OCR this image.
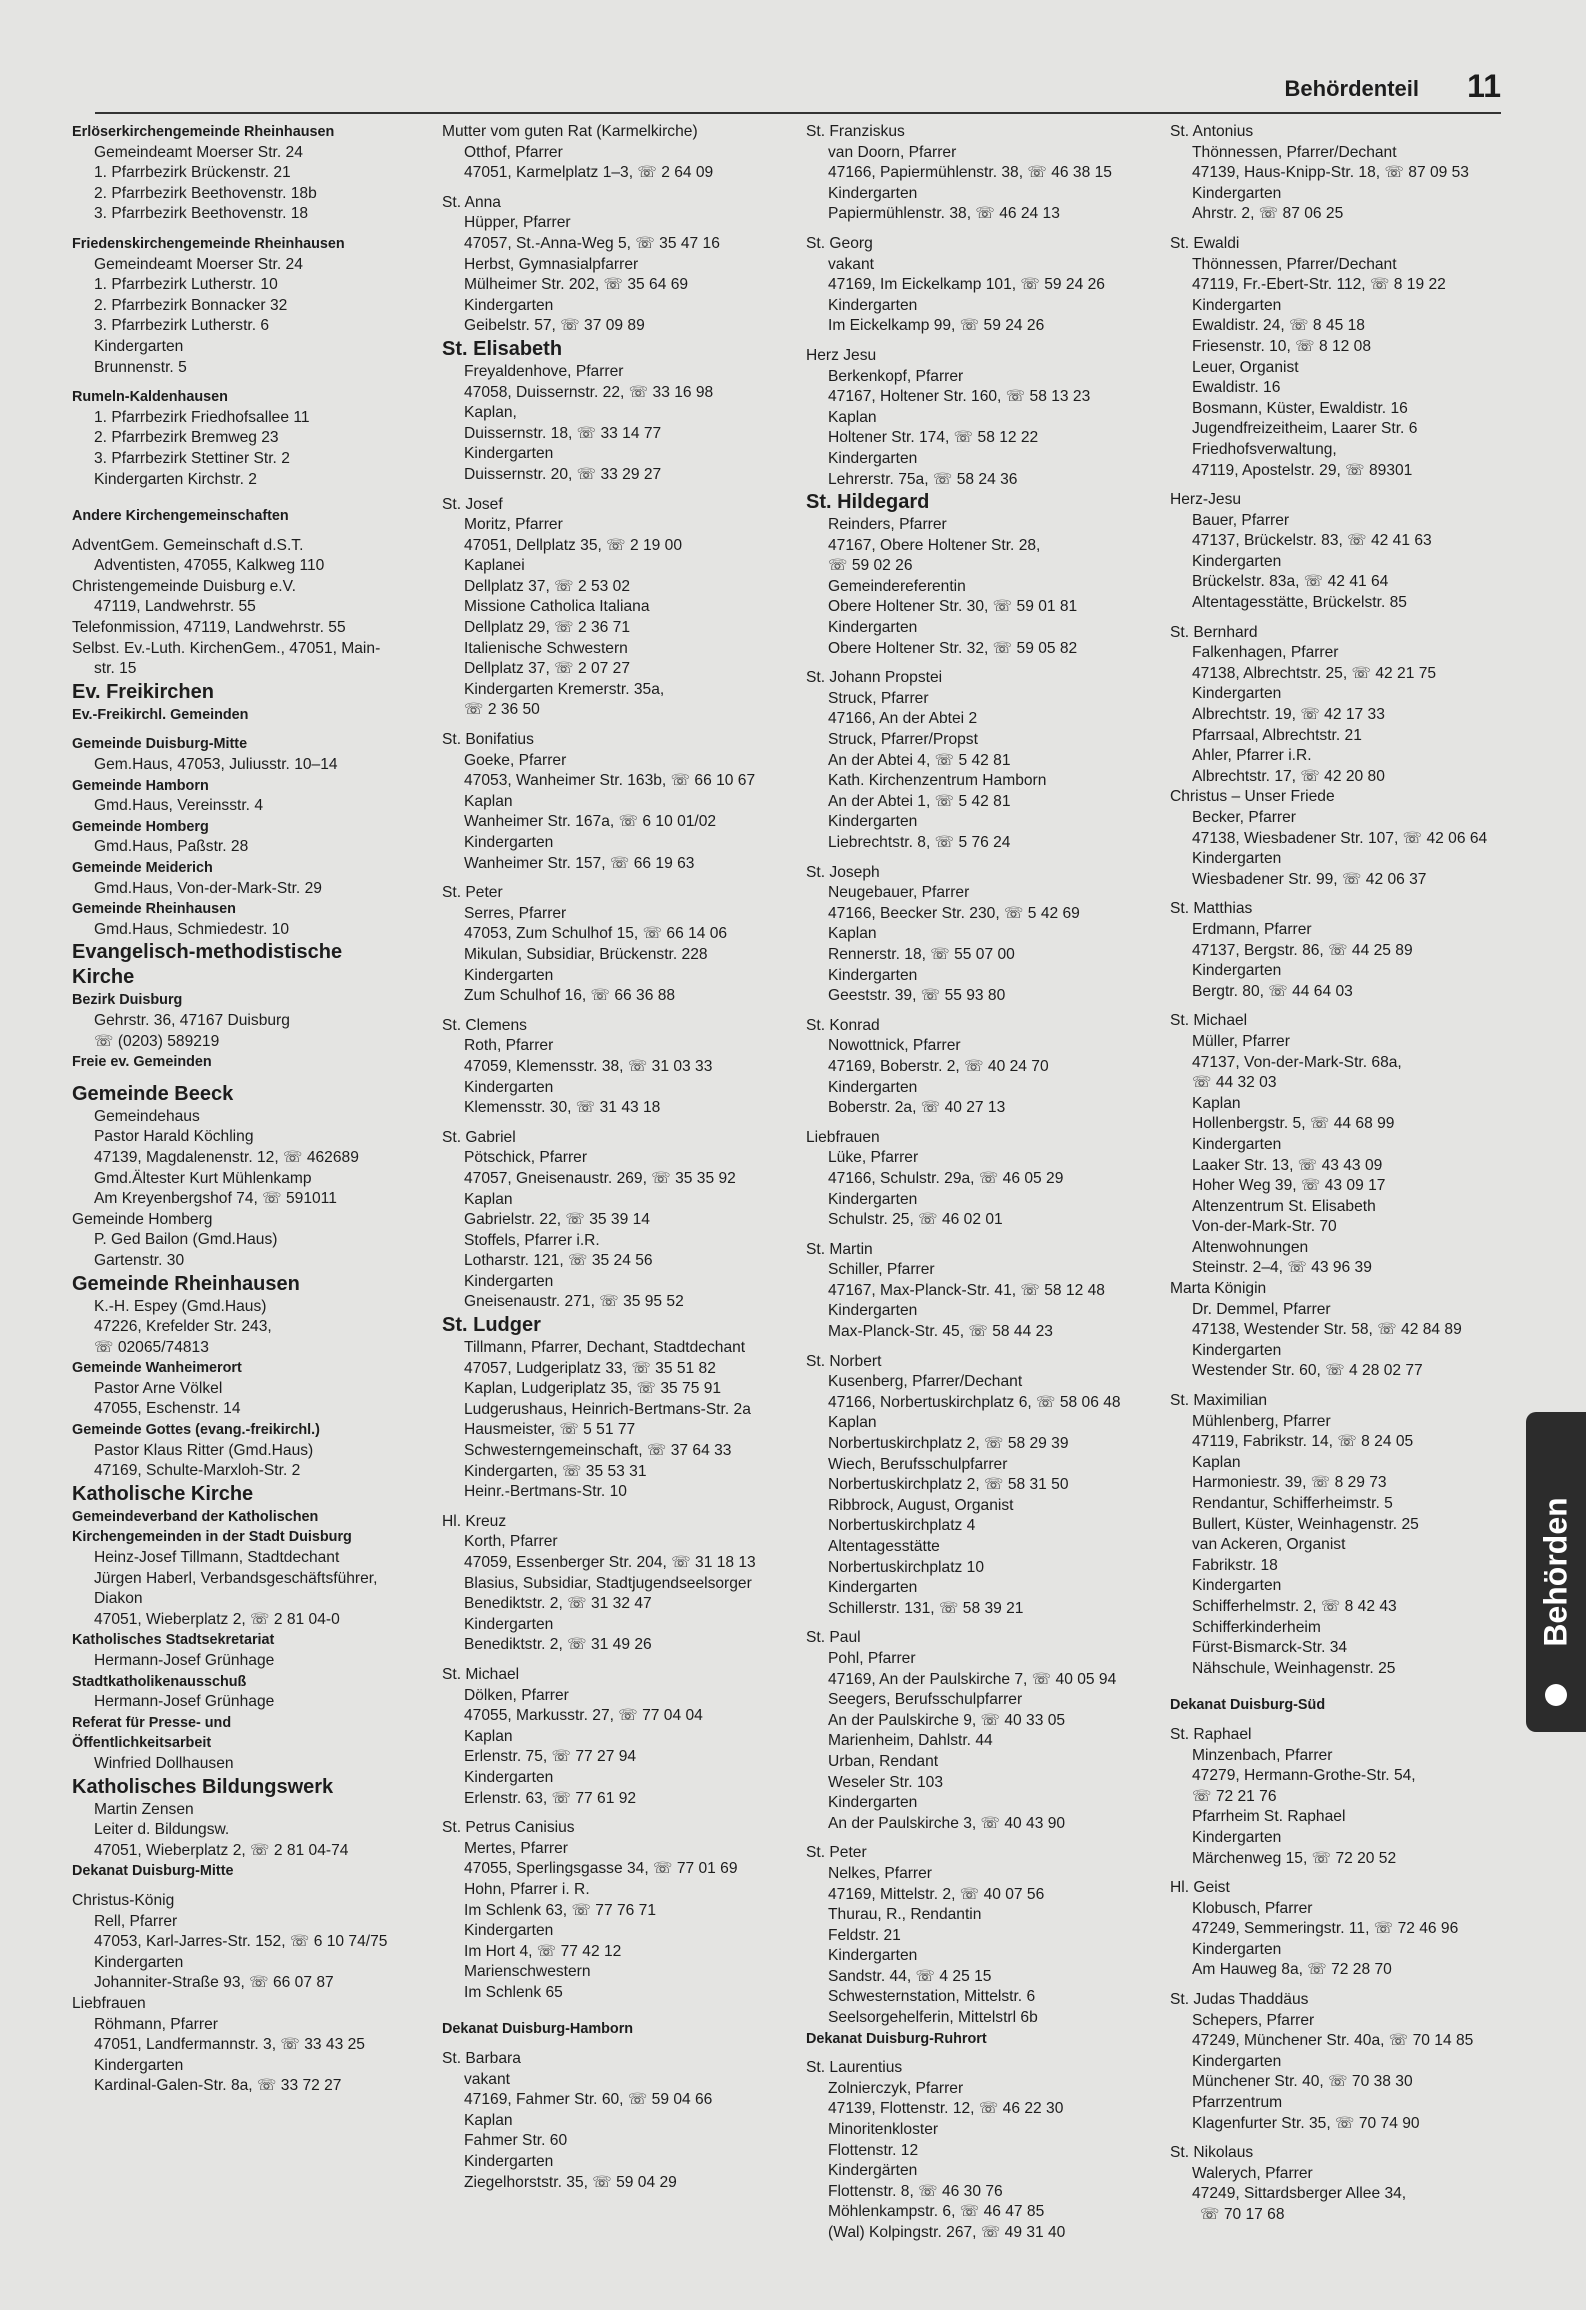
Behördenteil 11
Erlöserkirchengemeinde Rheinhausen
Gemeindeamt Moerser Str. 24
1. Pfarrbezirk Brückenstr. 21
2. Pfarrbezirk Beethovenstr. 18b
3. Pfarrbezirk Beethovenstr. 18
Friedenskirchengemeinde Rheinhausen
Gemeindeamt Moerser Str. 24
1. Pfarrbezirk Lutherstr. 10
2. Pfarrbezirk Bonnacker 32
3. Pfarrbezirk Lutherstr. 6
Kindergarten
Brunnenstr. 5
Rumeln-Kaldenhausen
1. Pfarrbezirk Friedhofsallee 11
2. Pfarrbezirk Bremweg 23
3. Pfarrbezirk Stettiner Str. 2
Kindergarten Kirchstr. 2
Andere Kirchengemeinschaften
AdventGem. Gemeinschaft d.S.T.
Adventisten, 47055, Kalkweg 110
Christengemeinde Duisburg e.V.
47119, Landwehrstr. 55
Telefonmission, 47119, Landwehrstr. 55
Selbst. Ev.-Luth. KirchenGem., 47051, Main-
str. 15
Ev. Freikirchen
Ev.-Freikirchl. Gemeinden
Gemeinde Duisburg-Mitte
Gem.Haus, 47053, Juliusstr. 10–14
Gemeinde Hamborn
Gmd.Haus, Vereinsstr. 4
Gemeinde Homberg
Gmd.Haus, Paßstr. 28
Gemeinde Meiderich
Gmd.Haus, Von-der-Mark-Str. 29
Gemeinde Rheinhausen
Gmd.Haus, Schmiedestr. 10
Evangelisch-methodistische
Kirche
Bezirk Duisburg
Gehrstr. 36, 47167 Duisburg
☏ (0203) 589219
Freie ev. Gemeinden
Gemeinde Beeck
Gemeindehaus
Pastor Harald Köchling
47139, Magdalenenstr. 12, ☏ 462689
Gmd.Ältester Kurt Mühlenkamp
Am Kreyenbergshof 74, ☏ 591011
Gemeinde Homberg
P. Ged Bailon (Gmd.Haus)
Gartenstr. 30
Gemeinde Rheinhausen
K.-H. Espey (Gmd.Haus)
47226, Krefelder Str. 243,
☏ 02065/74813
Gemeinde Wanheimerort
Pastor Arne Völkel
47055, Eschenstr. 14
Gemeinde Gottes (evang.-freikirchl.)
Pastor Klaus Ritter (Gmd.Haus)
47169, Schulte-Marxloh-Str. 2
Katholische Kirche
Gemeindeverband der Katholischen
Kirchengemeinden in der Stadt Duisburg
Heinz-Josef Tillmann, Stadtdechant
Jürgen Haberl, Verbandsgeschäftsführer,
Diakon
47051, Wieberplatz 2, ☏ 2 81 04-0
Katholisches Stadtsekretariat
Hermann-Josef Grünhage
Stadtkatholikenausschuß
Hermann-Josef Grünhage
Referat für Presse- und
Öffentlichkeitsarbeit
Winfried Dollhausen
Katholisches Bildungswerk
Martin Zensen
Leiter d. Bildungsw.
47051, Wieberplatz 2, ☏ 2 81 04-74
Dekanat Duisburg-Mitte
Christus-König
Rell, Pfarrer
47053, Karl-Jarres-Str. 152, ☏ 6 10 74/75
Kindergarten
Johanniter-Straße 93, ☏ 66 07 87
Liebfrauen
Röhmann, Pfarrer
47051, Landfermannstr. 3, ☏ 33 43 25
Kindergarten
Kardinal-Galen-Str. 8a, ☏ 33 72 27
Mutter vom guten Rat (Karmelkirche)
Otthof, Pfarrer
47051, Karmelplatz 1–3, ☏ 2 64 09
St. Anna
Hüpper, Pfarrer
47057, St.-Anna-Weg 5, ☏ 35 47 16
Herbst, Gymnasialpfarrer
Mülheimer Str. 202, ☏ 35 64 69
Kindergarten
Geibelstr. 57, ☏ 37 09 89
St. Elisabeth
Freyaldenhove, Pfarrer
47058, Duissernstr. 22, ☏ 33 16 98
Kaplan,
Duissernstr. 18, ☏ 33 14 77
Kindergarten
Duissernstr. 20, ☏ 33 29 27
St. Josef
Moritz, Pfarrer
47051, Dellplatz 35, ☏ 2 19 00
Kaplanei
Dellplatz 37, ☏ 2 53 02
Missione Catholica Italiana
Dellplatz 29, ☏ 2 36 71
Italienische Schwestern
Dellplatz 37, ☏ 2 07 27
Kindergarten Kremerstr. 35a,
☏ 2 36 50
St. Bonifatius
Goeke, Pfarrer
47053, Wanheimer Str. 163b, ☏ 66 10 67
Kaplan
Wanheimer Str. 167a, ☏ 6 10 01/02
Kindergarten
Wanheimer Str. 157, ☏ 66 19 63
St. Peter
Serres, Pfarrer
47053, Zum Schulhof 15, ☏ 66 14 06
Mikulan, Subsidiar, Brückenstr. 228
Kindergarten
Zum Schulhof 16, ☏ 66 36 88
St. Clemens
Roth, Pfarrer
47059, Klemensstr. 38, ☏ 31 03 33
Kindergarten
Klemensstr. 30, ☏ 31 43 18
St. Gabriel
Pötschick, Pfarrer
47057, Gneisenaustr. 269, ☏ 35 35 92
Kaplan
Gabrielstr. 22, ☏ 35 39 14
Stoffels, Pfarrer i.R.
Lotharstr. 121, ☏ 35 24 56
Kindergarten
Gneisenaustr. 271, ☏ 35 95 52
St. Ludger
Tillmann, Pfarrer, Dechant, Stadtdechant
47057, Ludgeriplatz 33, ☏ 35 51 82
Kaplan, Ludgeriplatz 35, ☏ 35 75 91
Ludgerushaus, Heinrich-Bertmans-Str. 2a
Hausmeister, ☏ 5 51 77
Schwesterngemeinschaft, ☏ 37 64 33
Kindergarten, ☏ 35 53 31
Heinr.-Bertmans-Str. 10
Hl. Kreuz
Korth, Pfarrer
47059, Essenberger Str. 204, ☏ 31 18 13
Blasius, Subsidiar, Stadtjugendseelsorger
Benediktstr. 2, ☏ 31 32 47
Kindergarten
Benediktstr. 2, ☏ 31 49 26
St. Michael
Dölken, Pfarrer
47055, Markusstr. 27, ☏ 77 04 04
Kaplan
Erlenstr. 75, ☏ 77 27 94
Kindergarten
Erlenstr. 63, ☏ 77 61 92
St. Petrus Canisius
Mertes, Pfarrer
47055, Sperlingsgasse 34, ☏ 77 01 69
Hohn, Pfarrer i. R.
Im Schlenk 63, ☏ 77 76 71
Kindergarten
Im Hort 4, ☏ 77 42 12
Marienschwestern
Im Schlenk 65
Dekanat Duisburg-Hamborn
St. Barbara
vakant
47169, Fahmer Str. 60, ☏ 59 04 66
Kaplan
Fahmer Str. 60
Kindergarten
Ziegelhorststr. 35, ☏ 59 04 29
St. Franziskus
van Doorn, Pfarrer
47166, Papiermühlenstr. 38, ☏ 46 38 15
Kindergarten
Papiermühlenstr. 38, ☏ 46 24 13
St. Georg
vakant
47169, Im Eickelkamp 101, ☏ 59 24 26
Kindergarten
Im Eickelkamp 99, ☏ 59 24 26
Herz Jesu
Berkenkopf, Pfarrer
47167, Holtener Str. 160, ☏ 58 13 23
Kaplan
Holtener Str. 174, ☏ 58 12 22
Kindergarten
Lehrerstr. 75a, ☏ 58 24 36
St. Hildegard
Reinders, Pfarrer
47167, Obere Holtener Str. 28,
☏ 59 02 26
Gemeindereferentin
Obere Holtener Str. 30, ☏ 59 01 81
Kindergarten
Obere Holtener Str. 32, ☏ 59 05 82
St. Johann Propstei
Struck, Pfarrer
47166, An der Abtei 2
Struck, Pfarrer/Propst
An der Abtei 4, ☏ 5 42 81
Kath. Kirchenzentrum Hamborn
An der Abtei 1, ☏ 5 42 81
Kindergarten
Liebrechtstr. 8, ☏ 5 76 24
St. Joseph
Neugebauer, Pfarrer
47166, Beecker Str. 230, ☏ 5 42 69
Kaplan
Rennerstr. 18, ☏ 55 07 00
Kindergarten
Geeststr. 39, ☏ 55 93 80
St. Konrad
Nowottnick, Pfarrer
47169, Boberstr. 2, ☏ 40 24 70
Kindergarten
Boberstr. 2a, ☏ 40 27 13
Liebfrauen
Lüke, Pfarrer
47166, Schulstr. 29a, ☏ 46 05 29
Kindergarten
Schulstr. 25, ☏ 46 02 01
St. Martin
Schiller, Pfarrer
47167, Max-Planck-Str. 41, ☏ 58 12 48
Kindergarten
Max-Planck-Str. 45, ☏ 58 44 23
St. Norbert
Kusenberg, Pfarrer/Dechant
47166, Norbertuskirchplatz 6, ☏ 58 06 48
Kaplan
Norbertuskirchplatz 2, ☏ 58 29 39
Wiech, Berufsschulpfarrer
Norbertuskirchplatz 2, ☏ 58 31 50
Ribbrock, August, Organist
Norbertuskirchplatz 4
Altentagesstätte
Norbertuskirchplatz 10
Kindergarten
Schillerstr. 131, ☏ 58 39 21
St. Paul
Pohl, Pfarrer
47169, An der Paulskirche 7, ☏ 40 05 94
Seegers, Berufsschulpfarrer
An der Paulskirche 9, ☏ 40 33 05
Marienheim, Dahlstr. 44
Urban, Rendant
Weseler Str. 103
Kindergarten
An der Paulskirche 3, ☏ 40 43 90
St. Peter
Nelkes, Pfarrer
47169, Mittelstr. 2, ☏ 40 07 56
Thurau, R., Rendantin
Feldstr. 21
Kindergarten
Sandstr. 44, ☏ 4 25 15
Schwesternstation, Mittelstr. 6
Seelsorgehelferin, Mittelstrl 6b
Dekanat Duisburg-Ruhrort
St. Laurentius
Zolnierczyk, Pfarrer
47139, Flottenstr. 12, ☏ 46 22 30
Minoritenkloster
Flottenstr. 12
Kindergärten
Flottenstr. 8, ☏ 46 30 76
Möhlenkampstr. 6, ☏ 46 47 85
(Wal) Kolpingstr. 267, ☏ 49 31 40
St. Antonius
Thönnessen, Pfarrer/Dechant
47139, Haus-Knipp-Str. 18, ☏ 87 09 53
Kindergarten
Ahrstr. 2, ☏ 87 06 25
St. Ewaldi
Thönnessen, Pfarrer/Dechant
47119, Fr.-Ebert-Str. 112, ☏ 8 19 22
Kindergarten
Ewaldistr. 24, ☏ 8 45 18
Friesenstr. 10, ☏ 8 12 08
Leuer, Organist
Ewaldistr. 16
Bosmann, Küster, Ewaldistr. 16
Jugendfreizeitheim, Laarer Str. 6
Friedhofsverwaltung,
47119, Apostelstr. 29, ☏ 89301
Herz-Jesu
Bauer, Pfarrer
47137, Brückelstr. 83, ☏ 42 41 63
Kindergarten
Brückelstr. 83a, ☏ 42 41 64
Altentagesstätte, Brückelstr. 85
St. Bernhard
Falkenhagen, Pfarrer
47138, Albrechtstr. 25, ☏ 42 21 75
Kindergarten
Albrechtstr. 19, ☏ 42 17 33
Pfarrsaal, Albrechtstr. 21
Ahler, Pfarrer i.R.
Albrechtstr. 17, ☏ 42 20 80
Christus – Unser Friede
Becker, Pfarrer
47138, Wiesbadener Str. 107, ☏ 42 06 64
Kindergarten
Wiesbadener Str. 99, ☏ 42 06 37
St. Matthias
Erdmann, Pfarrer
47137, Bergstr. 86, ☏ 44 25 89
Kindergarten
Bergtr. 80, ☏ 44 64 03
St. Michael
Müller, Pfarrer
47137, Von-der-Mark-Str. 68a,
☏ 44 32 03
Kaplan
Hollenbergstr. 5, ☏ 44 68 99
Kindergarten
Laaker Str. 13, ☏ 43 43 09
Hoher Weg 39, ☏ 43 09 17
Altenzentrum St. Elisabeth
Von-der-Mark-Str. 70
Altenwohnungen
Steinstr. 2–4, ☏ 43 96 39
Marta Königin
Dr. Demmel, Pfarrer
47138, Westender Str. 58, ☏ 42 84 89
Kindergarten
Westender Str. 60, ☏ 4 28 02 77
St. Maximilian
Mühlenberg, Pfarrer
47119, Fabrikstr. 14, ☏ 8 24 05
Kaplan
Harmoniestr. 39, ☏ 8 29 73
Rendantur, Schifferheimstr. 5
Bullert, Küster, Weinhagenstr. 25
van Ackeren, Organist
Fabrikstr. 18
Kindergarten
Schifferhelmstr. 2, ☏ 8 42 43
Schifferkinderheim
Fürst-Bismarck-Str. 34
Nähschule, Weinhagenstr. 25
Dekanat Duisburg-Süd
St. Raphael
Minzenbach, Pfarrer
47279, Hermann-Grothe-Str. 54,
☏ 72 21 76
Pfarrheim St. Raphael
Kindergarten
Märchenweg 15, ☏ 72 20 52
Hl. Geist
Klobusch, Pfarrer
47249, Semmeringstr. 11, ☏ 72 46 96
Kindergarten
Am Hauweg 8a, ☏ 72 28 70
St. Judas Thaddäus
Schepers, Pfarrer
47249, Münchener Str. 40a, ☏ 70 14 85
Kindergarten
Münchener Str. 40, ☏ 70 38 30
Pfarrzentrum
Klagenfurter Str. 35, ☏ 70 74 90
St. Nikolaus
Walerych, Pfarrer
47249, Sittardsberger Allee 34,
☏ 70 17 68
Behörden
